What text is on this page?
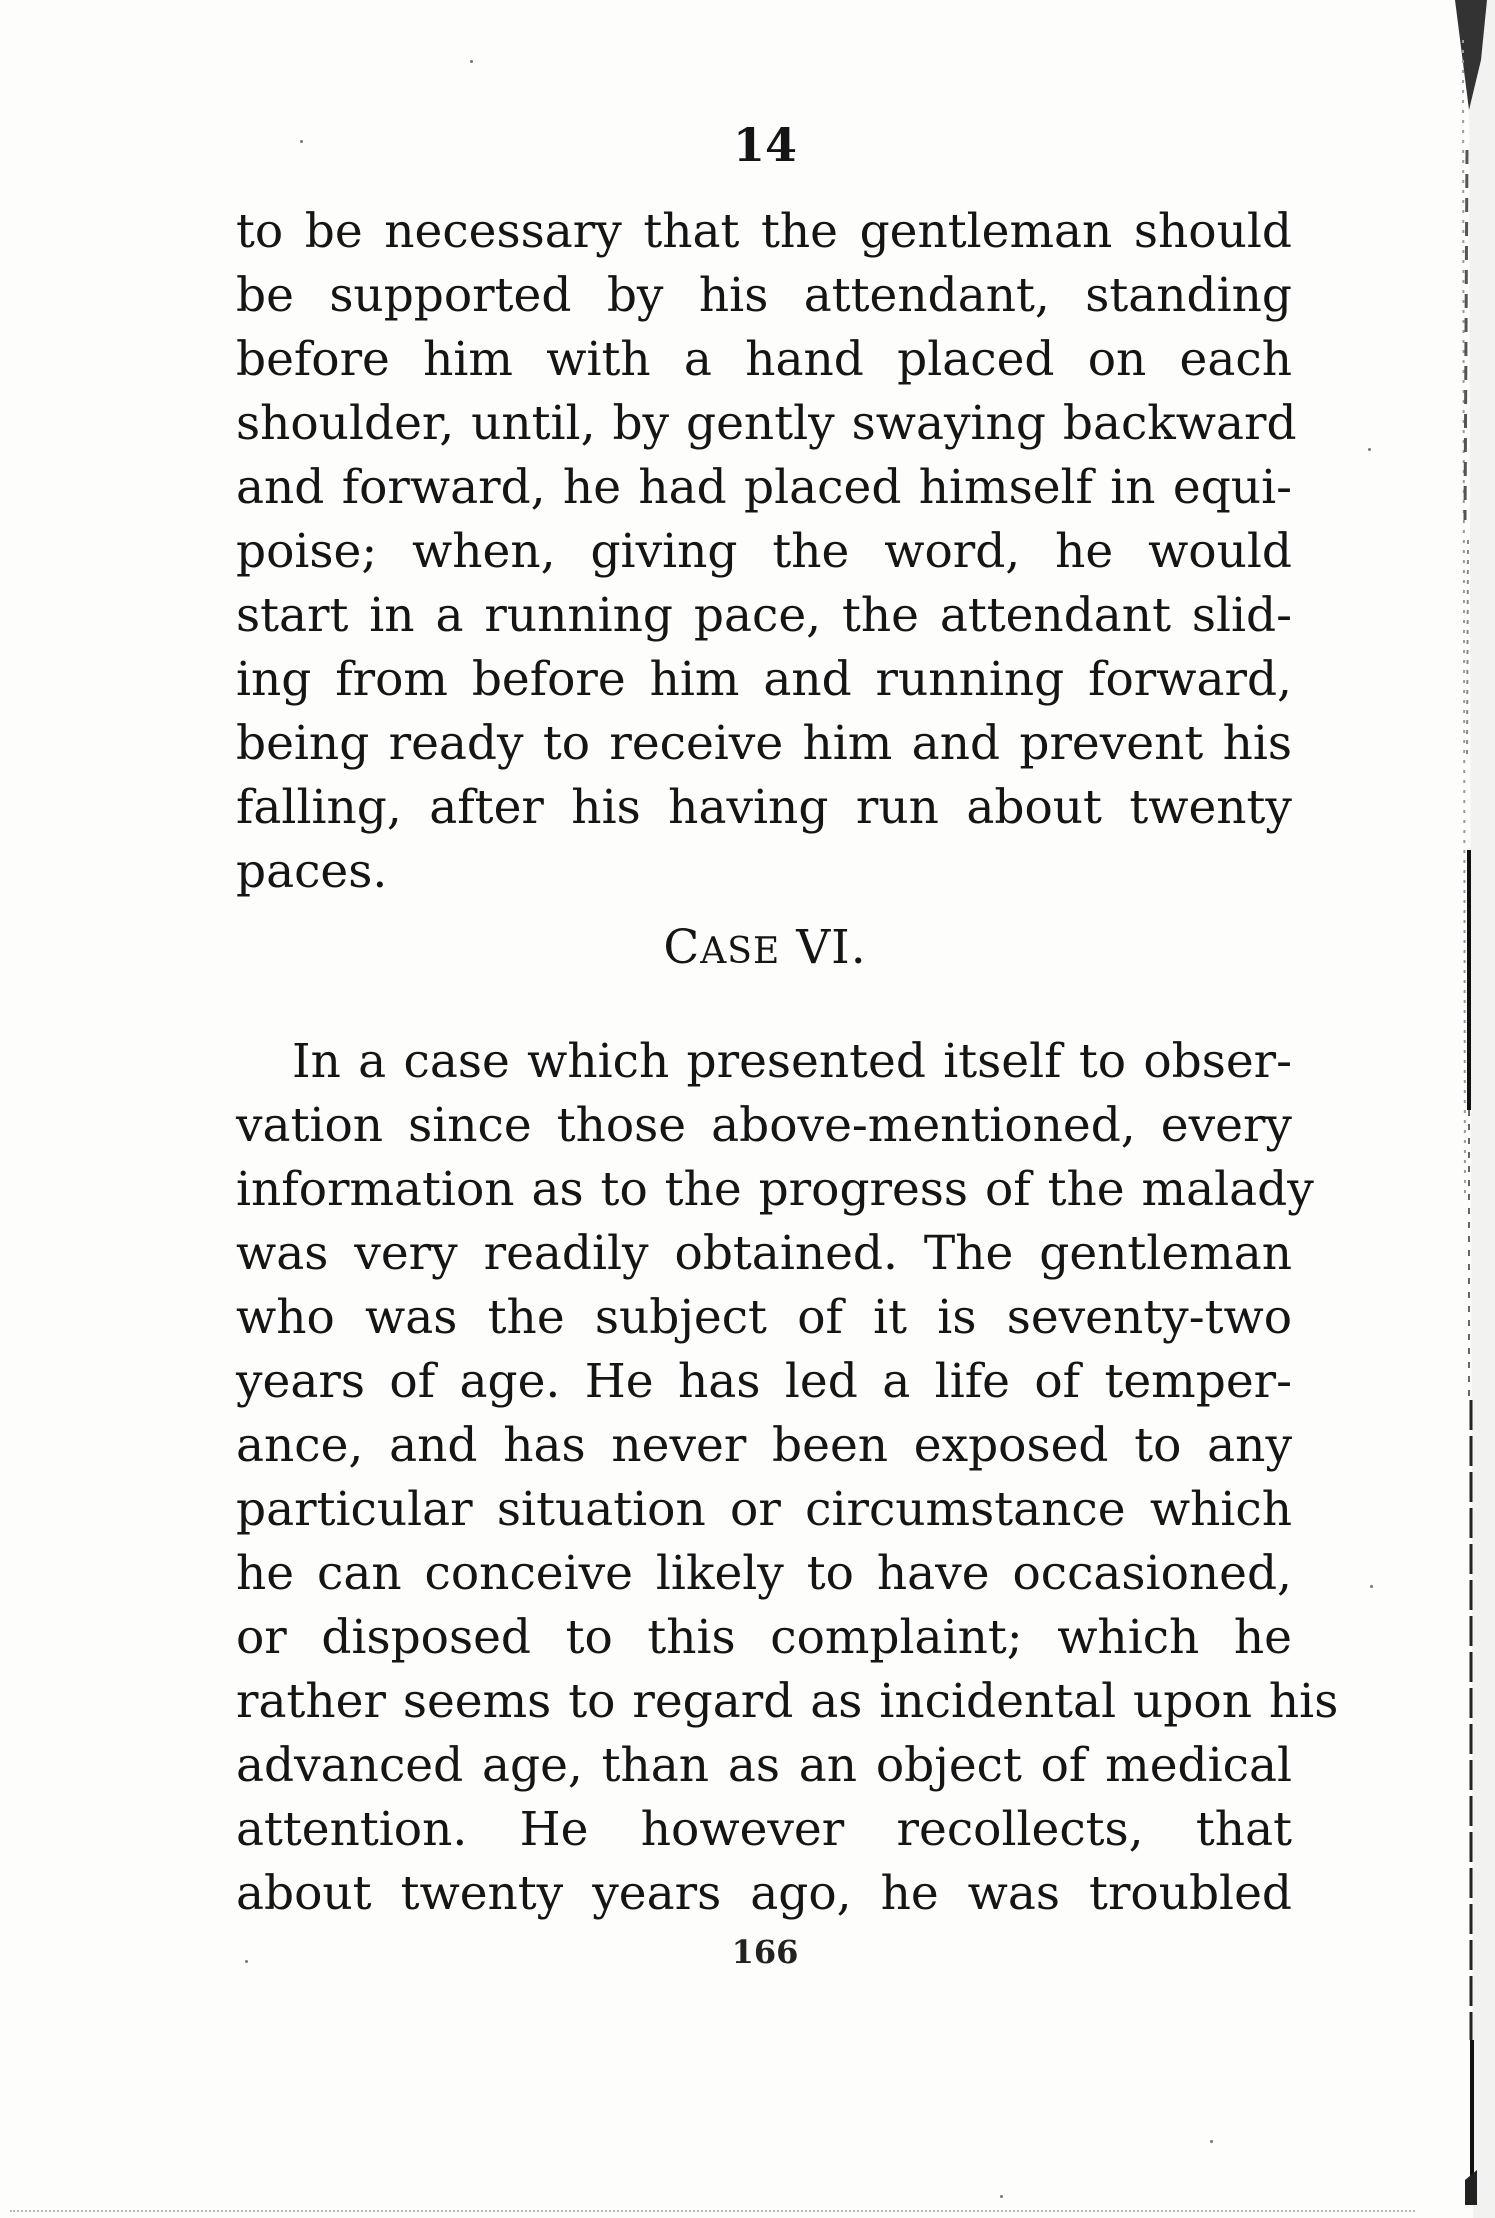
14
to be necessary that the gentleman should
be supported by his attendant, standing
before him with a hand placed on each
shoulder, until, by gently swaying backward
and forward, he had placed himself in equi-
poise; when, giving the word, he would
start in a running pace, the attendant slid-
ing from before him and running forward,
being ready to receive him and prevent his
falling, after his having run about twenty
paces.
CASE VI.
In a case which presented itself to obser-
vation since those above-mentioned, every
information as to the progress of the malady
was very readily obtained. The gentleman
who was the subject of it is seventy-two
years of age. He has led a life of temper-
ance, and has never been exposed to any
particular situation or circumstance which
he can conceive likely to have occasioned,
or disposed to this complaint; which he
rather seems to regard as incidental upon his
advanced age, than as an object of medical
attention. He however recollects, that
about twenty years ago, he was troubled
166
